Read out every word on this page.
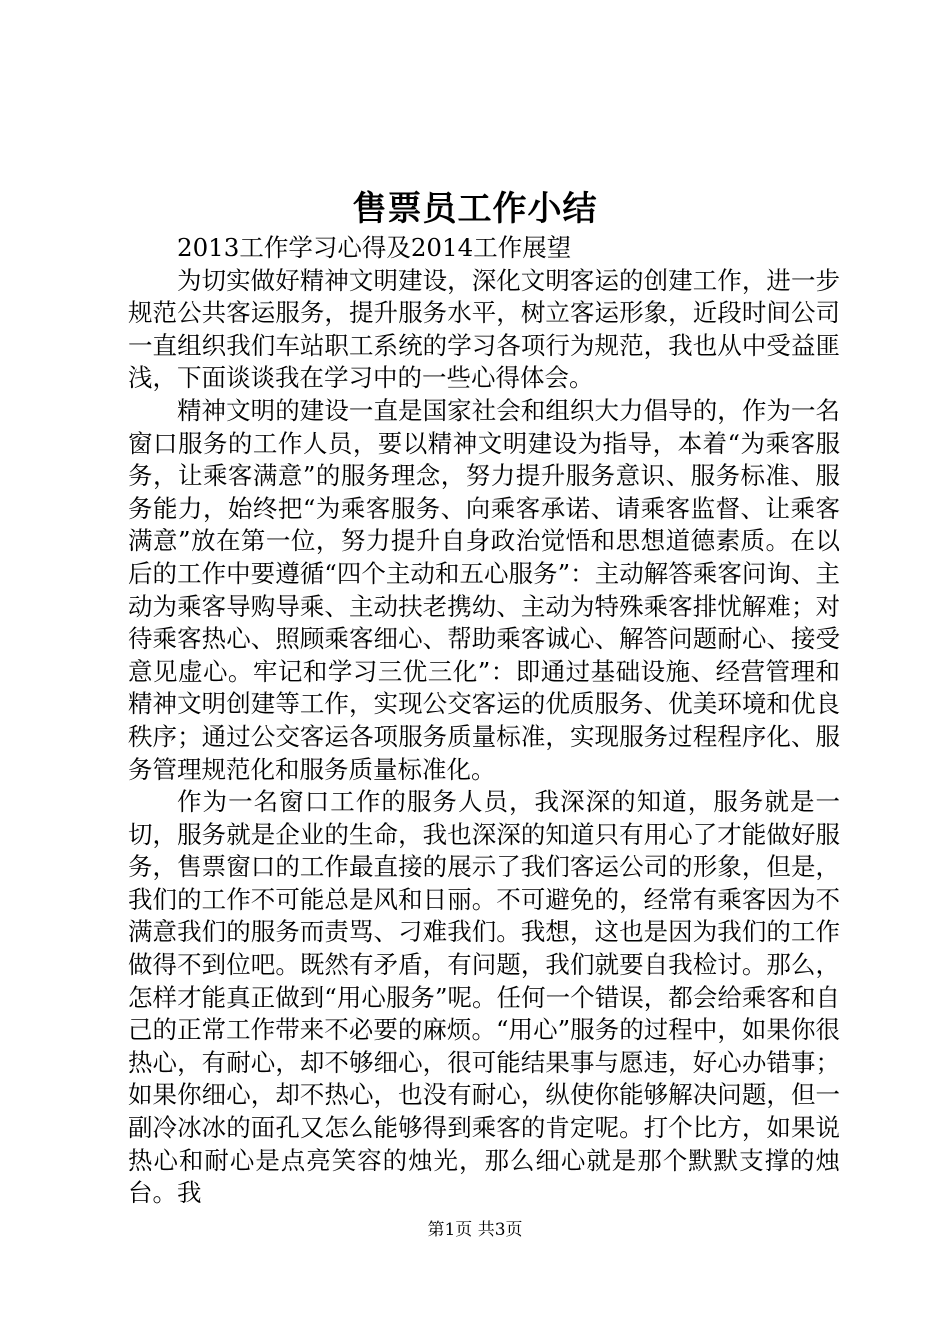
售票员工作小结

2013工作学习心得及2014工作展望

为切实做好精神文明建设，深化文明客运的创建工作，进一步规范公共客运服务，提升服务水平，树立客运形象，近段时间公司一直组织我们车站职工系统的学习各项行为规范，我也从中受益匪浅，下面谈谈我在学习中的一些心得体会。

精神文明的建设一直是国家社会和组织大力倡导的，作为一名窗口服务的工作人员，要以精神文明建设为指导，本着“为乘客服务，让乘客满意”的服务理念，努力提升服务意识、服务标准、服务能力，始终把“为乘客服务、向乘客承诺、请乘客监督、让乘客满意”放在第一位，努力提升自身政治觉悟和思想道德素质。在以后的工作中要遵循“四个主动和五心服务”：主动解答乘客问询、主动为乘客导购导乘、主动扶老携幼、主动为特殊乘客排忧解难；对待乘客热心、照顾乘客细心、帮助乘客诚心、解答问题耐心、接受意见虚心。牢记和学习三优三化”：即通过基础设施、经营管理和精神文明创建等工作，实现公交客运的优质服务、优美环境和优良秩序；通过公交客运各项服务质量标准，实现服务过程程序化、服务管理规范化和服务质量标准化。

作为一名窗口工作的服务人员，我深深的知道，服务就是一切，服务就是企业的生命，我也深深的知道只有用心了才能做好服务，售票窗口的工作最直接的展示了我们客运公司的形象，但是，我们的工作不可能总是风和日丽。不可避免的，经常有乘客因为不满意我们的服务而责骂、刁难我们。我想，这也是因为我们的工作做得不到位吧。既然有矛盾，有问题，我们就要自我检讨。那么，怎样才能真正做到“用心服务”呢。任何一个错误，都会给乘客和自己的正常工作带来不必要的麻烦。“用心”服务的过程中，如果你很热心，有耐心，却不够细心，很可能结果事与愿违，好心办错事；如果你细心，却不热心，也没有耐心，纵使你能够解决问题，但一副冷冰冰的面孔又怎么能够得到乘客的肯定呢。打个比方，如果说热心和耐心是点亮笑容的烛光，那么细心就是那个默默支撑的烛台。我

第1页 共3页
